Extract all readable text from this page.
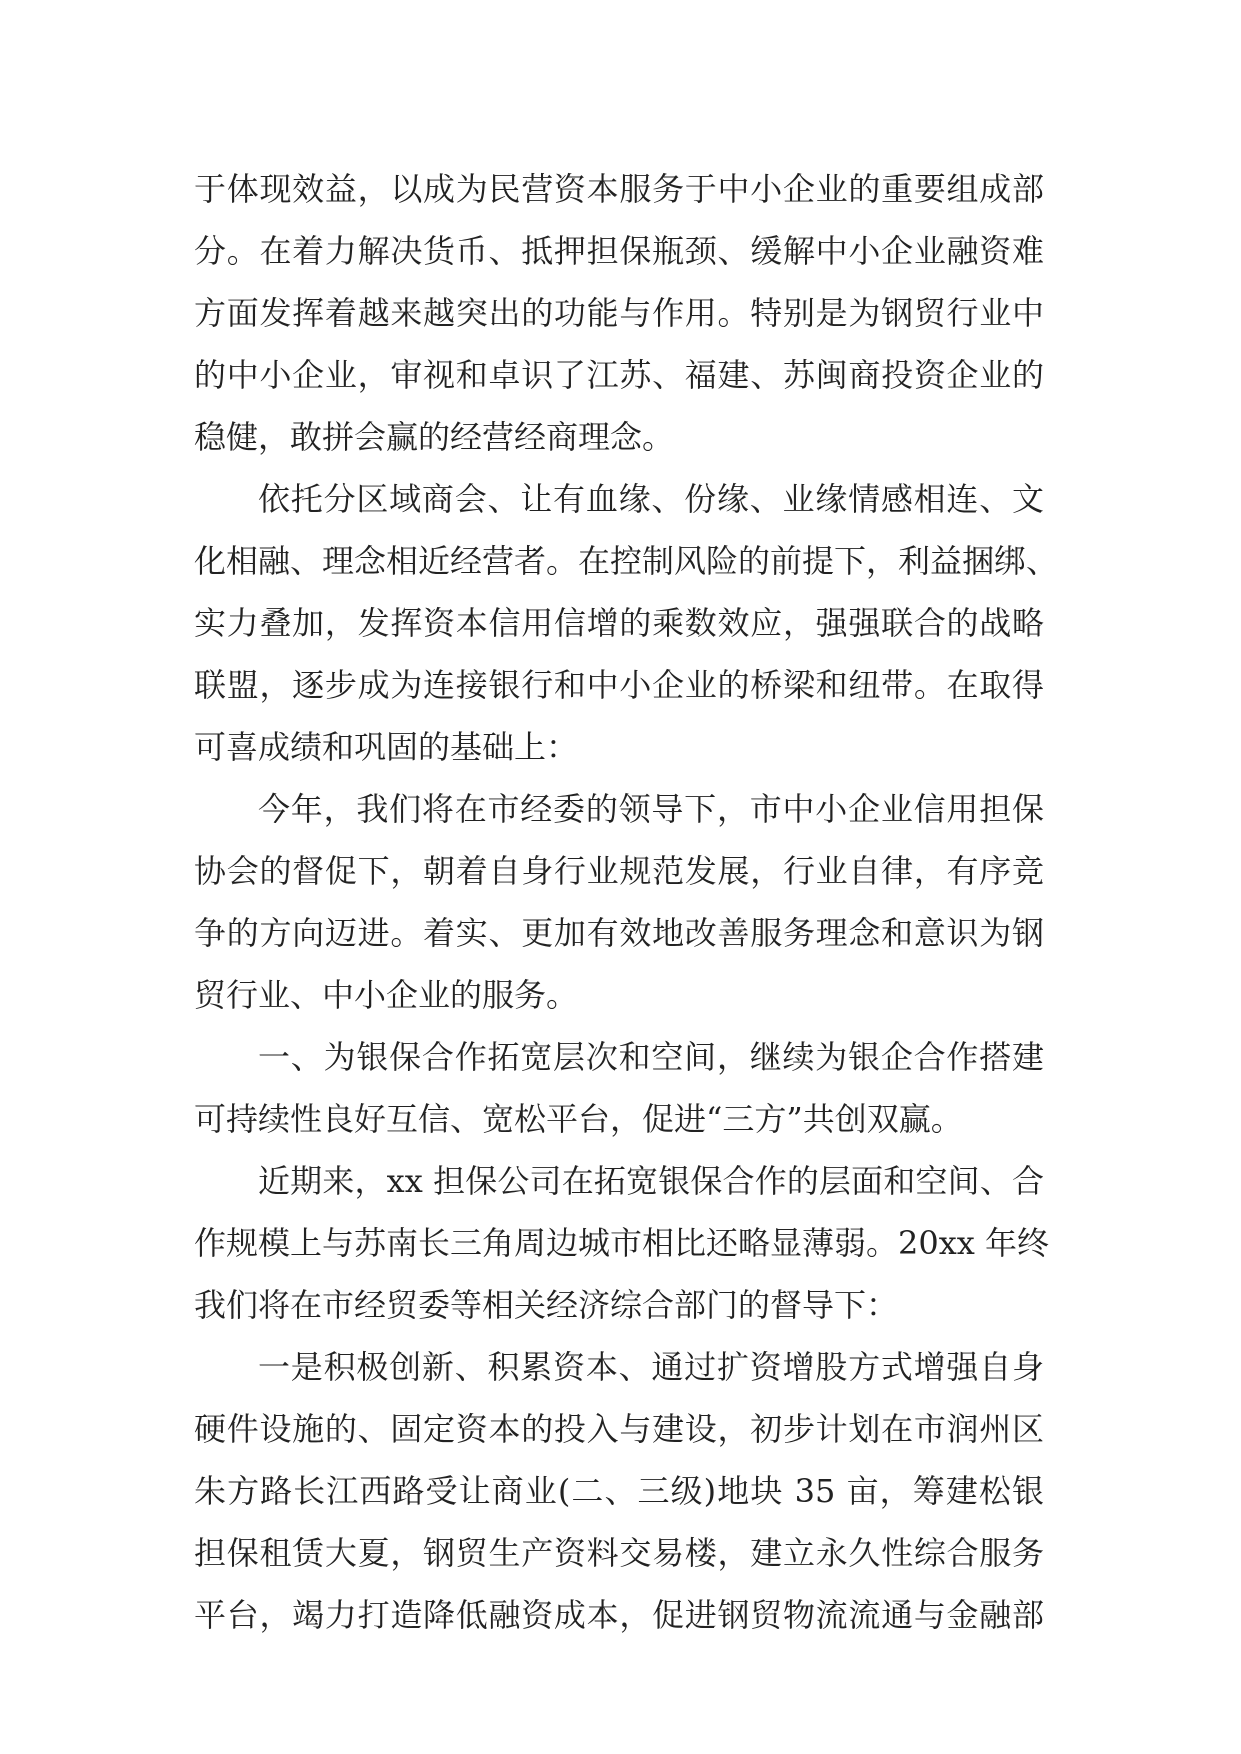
于体现效益，以成为民营资本服务于中小企业的重要组成部
分。在着力解决货币、抵押担保瓶颈、缓解中小企业融资难
方面发挥着越来越突出的功能与作用。特别是为钢贸行业中
的中小企业，审视和卓识了江苏、福建、苏闽商投资企业的
稳健，敢拼会赢的经营经商理念。
依托分区域商会、让有血缘、份缘、业缘情感相连、文
化相融、理念相近经营者。在控制风险的前提下，利益捆绑、
实力叠加，发挥资本信用信增的乘数效应，强强联合的战略
联盟，逐步成为连接银行和中小企业的桥梁和纽带。在取得
可喜成绩和巩固的基础上：
今年，我们将在市经委的领导下，市中小企业信用担保
协会的督促下，朝着自身行业规范发展，行业自律，有序竞
争的方向迈进。着实、更加有效地改善服务理念和意识为钢
贸行业、中小企业的服务。
一、为银保合作拓宽层次和空间，继续为银企合作搭建
可持续性良好互信、宽松平台，促进“三方”共创双赢。
近期来，xx 担保公司在拓宽银保合作的层面和空间、合
作规模上与苏南长三角周边城市相比还略显薄弱。20xx 年终
我们将在市经贸委等相关经济综合部门的督导下：
一是积极创新、积累资本、通过扩资增股方式增强自身
硬件设施的、固定资本的投入与建设，初步计划在市润州区
朱方路长江西路受让商业(二、三级)地块 35 亩，筹建松银
担保租赁大夏，钢贸生产资料交易楼，建立永久性综合服务
平台，竭力打造降低融资成本，促进钢贸物流流通与金融部
